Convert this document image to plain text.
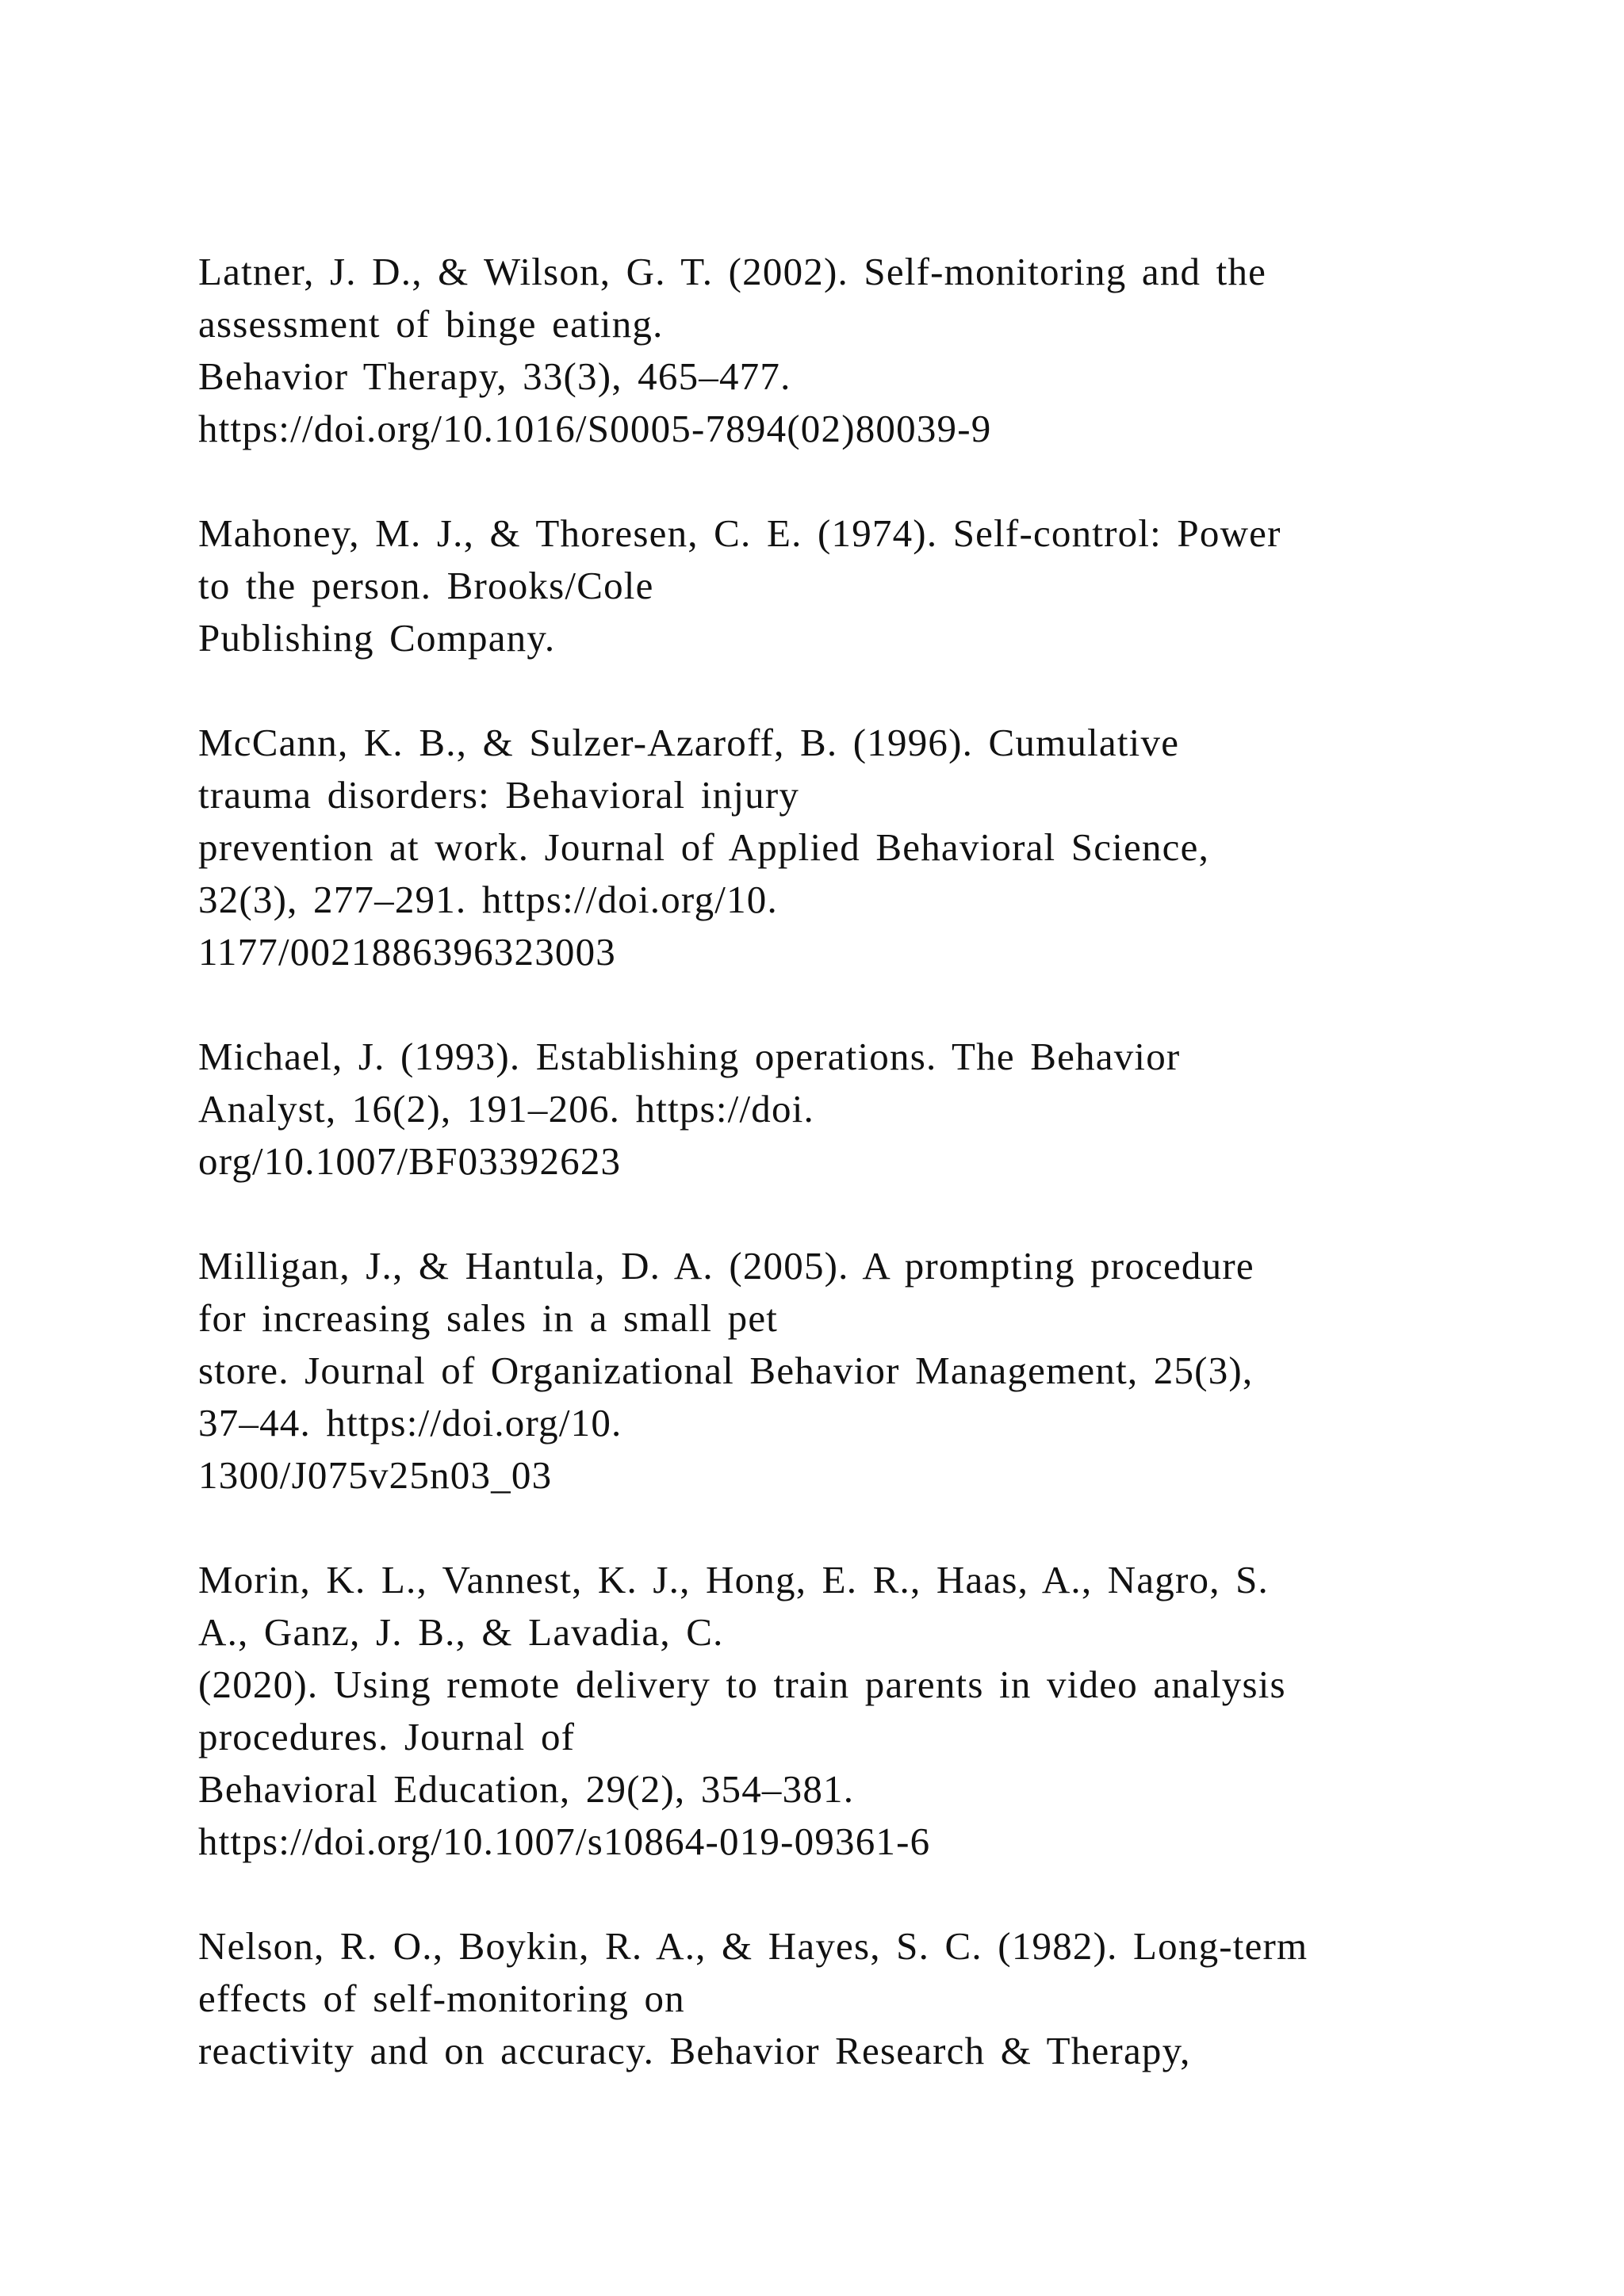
Latner, J. D., & Wilson, G. T. (2002). Self-monitoring and the
assessment of binge eating.
Behavior Therapy, 33(3), 465–477.
https://doi.org/10.1016/S0005-7894(02)80039-9
Mahoney, M. J., & Thoresen, C. E. (1974). Self-control: Power
to the person. Brooks/Cole
Publishing Company.
McCann, K. B., & Sulzer-Azaroff, B. (1996). Cumulative
trauma disorders: Behavioral injury
prevention at work. Journal of Applied Behavioral Science,
32(3), 277–291. https://doi.org/10.
1177/0021886396323003
Michael, J. (1993). Establishing operations. The Behavior
Analyst, 16(2), 191–206. https://doi.
org/10.1007/BF03392623
Milligan, J., & Hantula, D. A. (2005). A prompting procedure
for increasing sales in a small pet
store. Journal of Organizational Behavior Management, 25(3),
37–44. https://doi.org/10.
1300/J075v25n03_03
Morin, K. L., Vannest, K. J., Hong, E. R., Haas, A., Nagro, S.
A., Ganz, J. B., & Lavadia, C.
(2020). Using remote delivery to train parents in video analysis
procedures. Journal of
Behavioral Education, 29(2), 354–381.
https://doi.org/10.1007/s10864-019-09361-6
Nelson, R. O., Boykin, R. A., & Hayes, S. C. (1982). Long-term
effects of self-monitoring on
reactivity and on accuracy. Behavior Research & Therapy,
